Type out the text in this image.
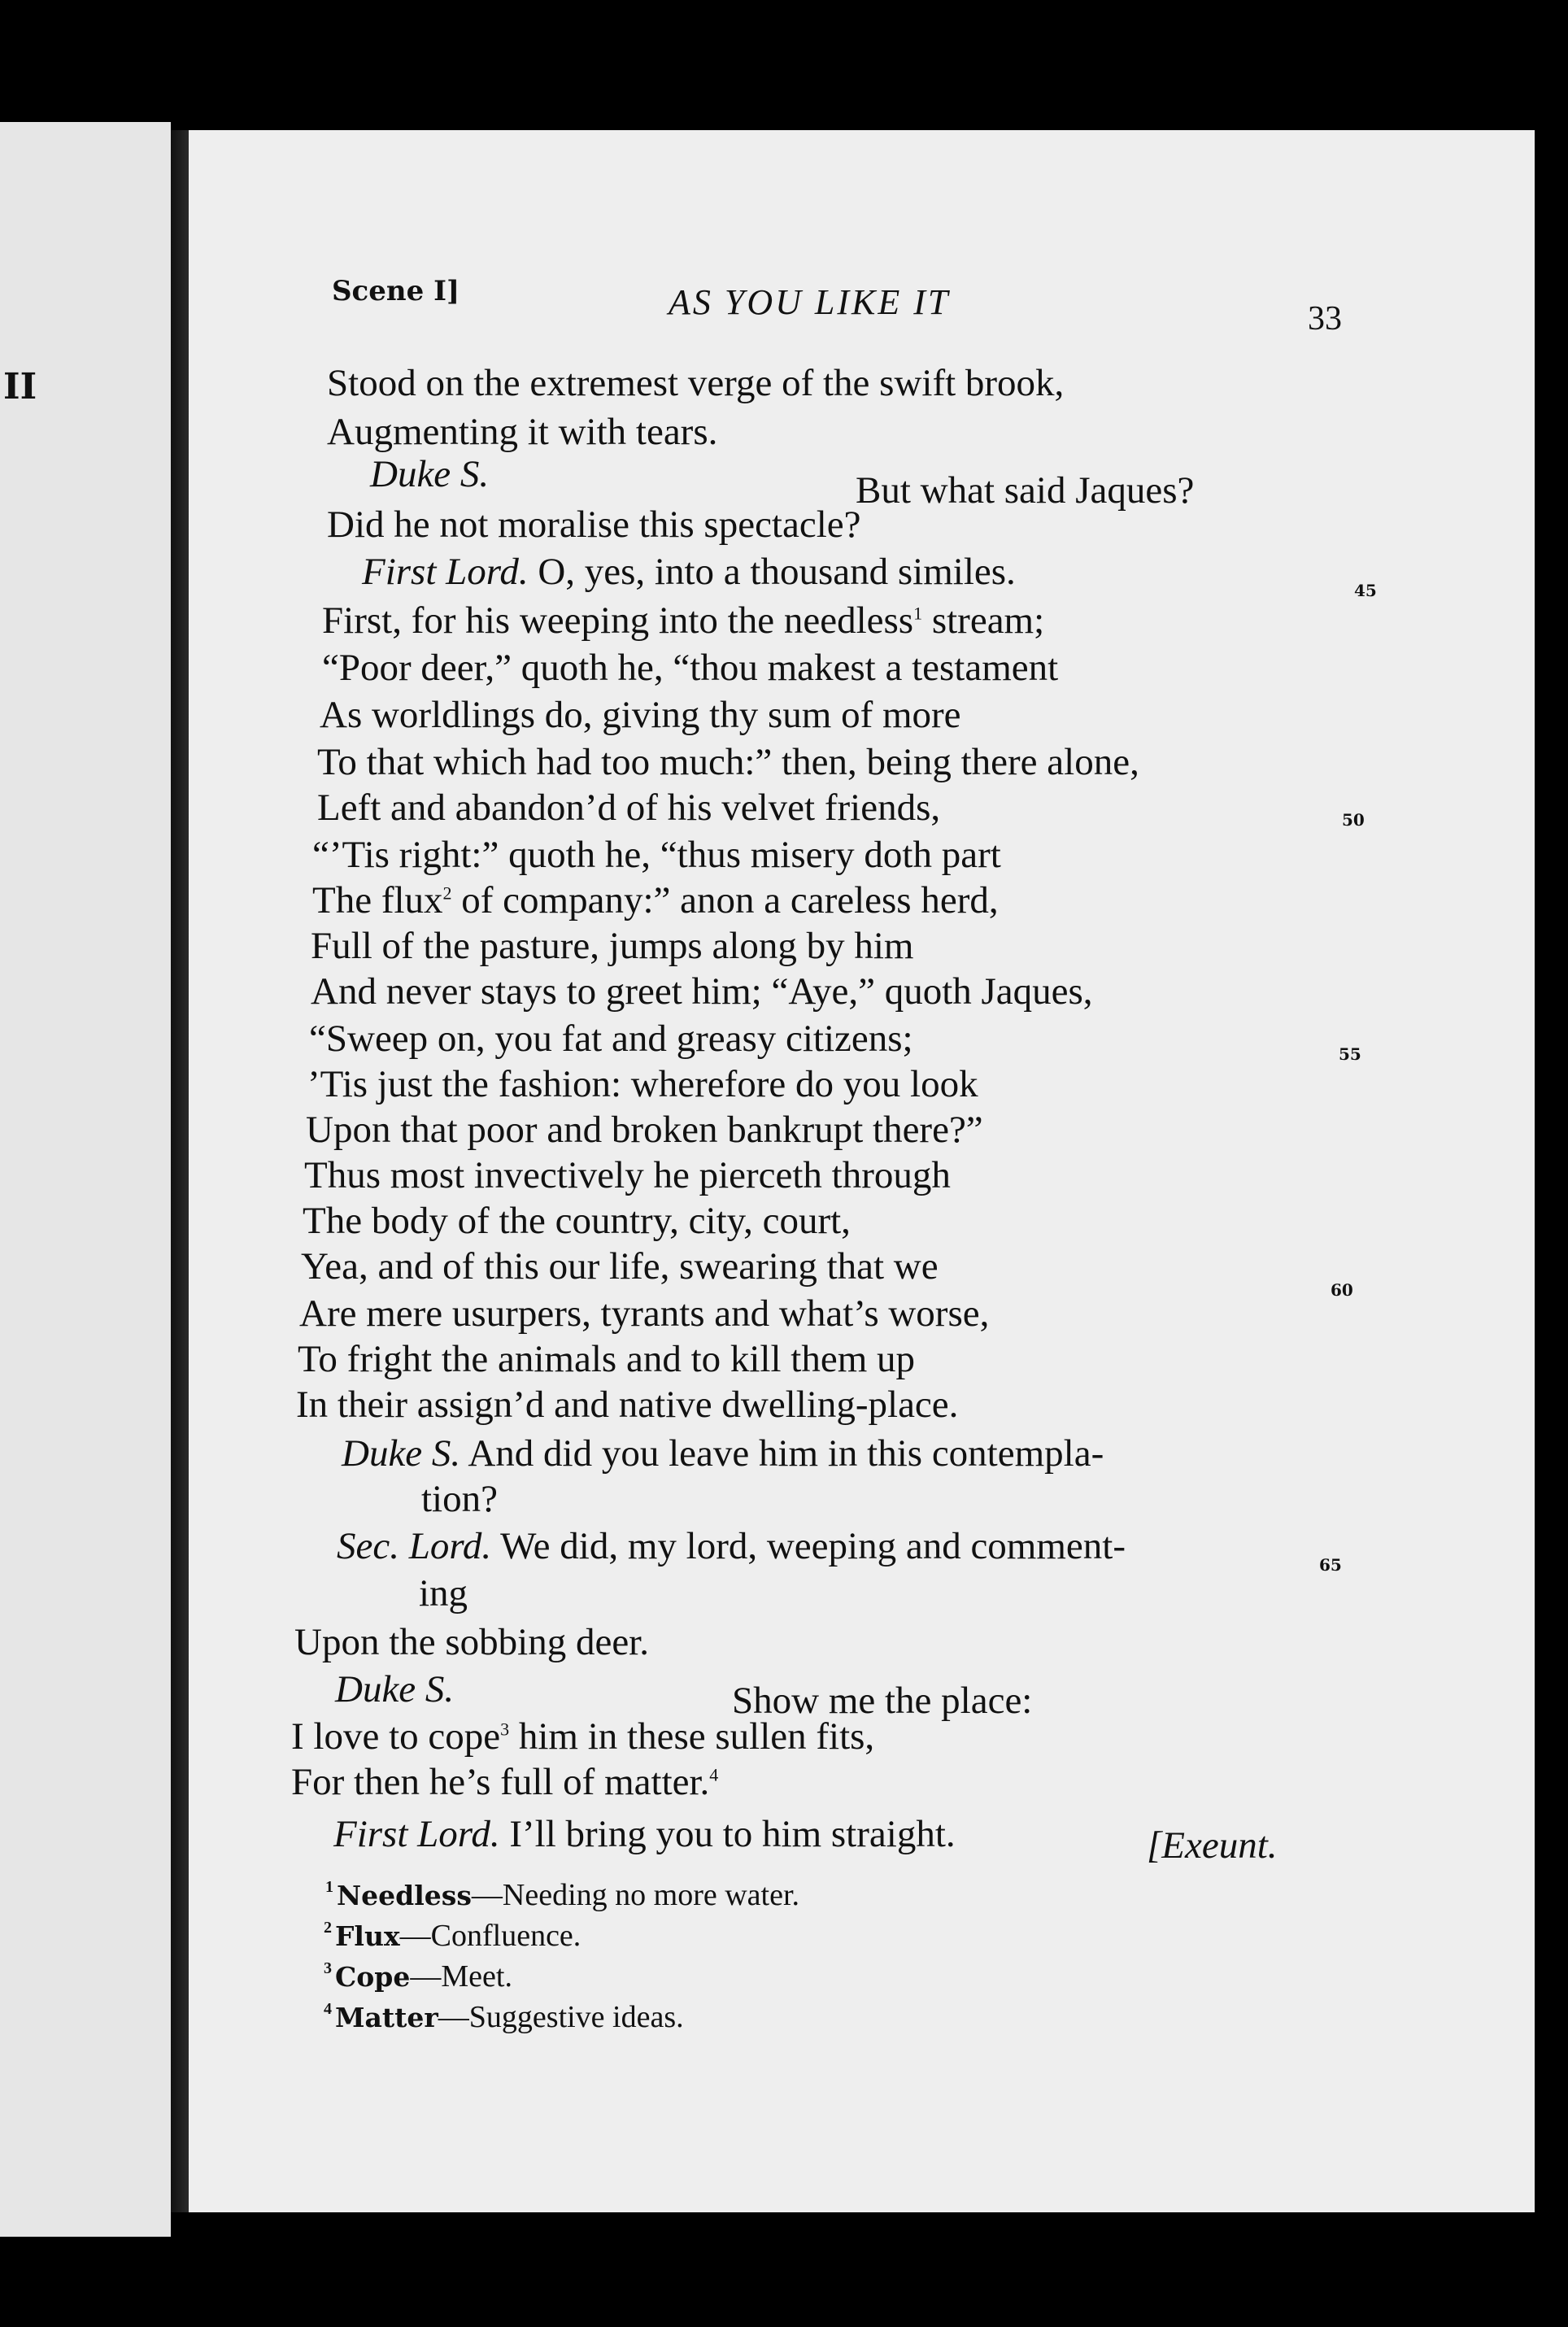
II
Scene I]	AS YOU LIKE IT	33
Stood on the extremest verge of the swift brook,
Augmenting it with tears.
Duke S.	But what said Jaques?
Did he not moralise this spectacle?
First Lord. O, yes, into a thousand similes.
First, for his weeping into the needless$^1$ stream;
“Poor deer,” quoth he, “thou makest a testament
As worldlings do, giving thy sum of more
To that which had too much:” then, being there alone,
Left and abandon’d of his velvet friends,
“’Tis right:” quoth he, “thus misery doth part
The flux$^2$ of company:” anon a careless herd,
Full of the pasture, jumps along by him
And never stays to greet him; “Aye,” quoth Jaques,
“Sweep on, you fat and greasy citizens;
’Tis just the fashion: wherefore do you look
Upon that poor and broken bankrupt there?”
Thus most invectively he pierceth through
The body of the country, city, court,
Yea, and of this our life, swearing that we
Are mere usurpers, tyrants and what’s worse,
To fright the animals and to kill them up
In their assign’d and native dwelling-place.
Duke S. And did you leave him in this contempla-
tion?
Sec. Lord. We did, my lord, weeping and comment-
ing
Upon the sobbing deer.
Duke S.	Show me the place:
I love to cope$^3$ him in these sullen fits,
For then he’s full of matter.$^4$
First Lord. I’ll bring you to him straight.	[Exeunt.
45
50
55
60
65
$^1$ Needless—Needing no more water.
$^2$ Flux—Confluence.
$^3$ Cope—Meet.
$^4$ Matter—Suggestive ideas.
